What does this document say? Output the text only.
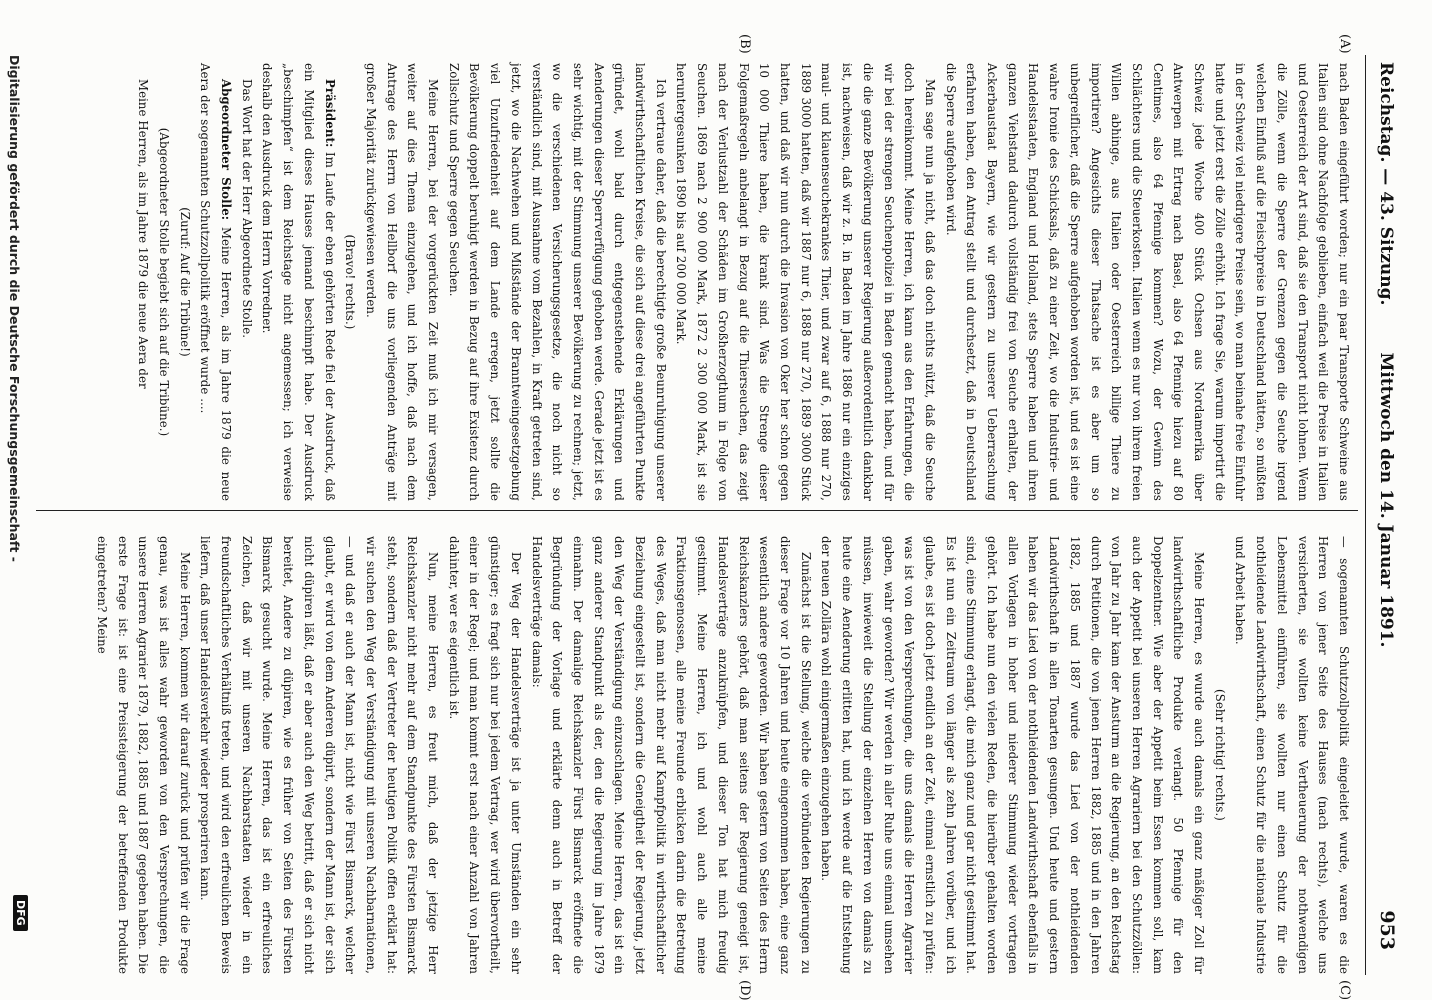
Reichstag. — 43. Sitzung.
Mittwoch den 14. Januar 1891.
953
(A)
(B)
(C)
(D)

nach Baden eingeführt worden; nur ein paar Transporte Schweine aus Italien sind ohne Nachfolge geblieben, einfach weil die Preise in Italien und Oesterreich der Art sind, daß sie den Transport nicht lohnen. Wenn die Zölle, wenn die Sperre der Grenzen gegen die Seuche irgend welchen Einfluß auf die Fleischpreise in Deutschland hätten, so müßten in der Schweiz viel niedrigere Preise sein, wo man beinahe freie Einfuhr hatte und jetzt erst die Zölle erhöht. Ich frage Sie, warum importirt die Schweiz jede Woche 400 Stück Ochsen aus Nordamerika über Antwerpen mit Ertrag nach Basel, also 64 Pfennige hiezu auf 80 Centimes, also 64 Pfennige kommen? Wozu, der Gewinn des Schlächters und die Steuerkosten. Italien wenn es nur von ihrem freien Willen abhinge, aus Italien oder Oesterreich billige Thiere zu importiren? Angesichts dieser Thatsache ist es aber um so unbegreiflicher, daß die Sperre aufgehoben worden ist, und es ist eine wahre Ironie des Schicksals, daß zu einer Zeit, wo die Industrie- und Handelsstaaten, England und Holland, stets Sperre haben und ihren ganzen Viehstand dadurch vollständig frei von Seuche erhalten, der Ackerbaustaat Bayern, wie wir gestern zu unserer Ueberraschung erfahren haben, den Antrag stellt und durchsetzt, daß in Deutschland die Sperre aufgehoben wird.

Man sage nun ja nicht, daß das doch nichts nützt, daß die Seuche doch hereinkommt. Meine Herren, ich kann aus den Erfahrungen, die wir bei der strengen Seuchenpolizei in Baden gemacht haben, und für die die ganze Bevölkerung unserer Regierung außerordentlich dankbar ist, nachweisen, daß wir z. B. in Baden im Jahre 1886 nur ein einziges maul- und klauenseuchekrankes Thier, und zwar auf 6, 1888 nur 270, 1889 3000 hatten, daß wir 1887 nur 6, 1888 nur 270, 1889 3000 Stück hatten, und daß wir nun durch die Invasion von Oker her schon gegen 10 000 Thiere haben, die krank sind. Was die Strenge dieser Folgemaßregeln anbelangt in Bezug auf die Thierseuchen, das zeigt nach der Verlustzahl der Schäden im Großherzogthum in Folge von Seuchen. 1869 nach 2 900 000 Mark, 1872 2 300 000 Mark, ist sie heruntergesunken 1890 bis auf 200 000 Mark.

Ich vertraue daher, daß die berechtigte große Beunruhigung unserer landwirthschaftlichen Kreise, die sich auf diese drei angeführten Punkte gründet, wohl bald durch entgegenstehende Erklärungen und Aenderungen dieser Sperrverfügung gehoben werde. Gerade jetzt ist es sehr wichtig, mit der Stimmung unserer Bevölkerung zu rechnen; jetzt, wo die verschiedenen Versicherungsgesetze, die noch nicht so verständlich sind, mit Ausnahme vom Bezahlen, in Kraft getreten sind, jetzt, wo die Nachwehen und Mißstände der Branntweingesetzgebung viel Unzufriedenheit auf dem Lande erregen, jetzt sollte die Bevölkerung doppelt beruhigt werden in Bezug auf ihre Existenz durch Zollschutz und Sperre gegen Seuchen.

Meine Herren, bei der vorgerückten Zeit muß ich mir versagen, weiter auf dies Thema einzugehen, und ich hoffe, daß nach dem Antrage des Herrn von Hellborf die uns vorliegenden Anträge mit großer Majorität zurückgewiesen werden.

(Bravo! rechts.)

Präsident: Im Laufe der eben gehörten Rede fiel der Ausdruck, daß ein Mitglied dieses Hauses jemand beschimpft habe. Der Ausdruck „beschimpfen“ ist dem Reichstage nicht angemessen; ich verweise deshalb den Ausdruck dem Herrn Vorredner.

Das Wort hat der Herr Abgeordnete Stolle.

Abgeordneter Stolle: Meine Herren, als im Jahre 1879 die neue Aera der sogenannten Schutzzollpolitik eröffnet wurde ....

(Zuruf: Auf die Tribüne!)

(Abgeordneter Stolle begiebt sich auf die Tribüne.)

Meine Herren, als im Jahre 1879 die neue Aera der

— sogenannten Schutzzollpolitik eingeleitet wurde, waren es die Herren von jener Seite des Hauses (nach rechts), welche uns versicherten, sie wollten keine Vertheuerung der nothwendigen Lebensmittel einführen, sie wollten nur einen Schutz für die nothleidende Landwirthschaft, einen Schutz für die nationale Industrie und Arbeit haben.

(Sehr richtig! rechts.)

Meine Herren, es wurde auch damals ein ganz mäßiger Zoll für landwirthschaftliche Produkte verlangt. 50 Pfennige für den Doppelzentner. Wie aber der Appetit beim Essen kommen soll, kam auch der Appetit bei unseren Herren Agrariern bei den Schutzzöllen: von Jahr zu Jahr kam der Ansturm an die Regierung, an den Reichstag durch Petitionen, die von jenen Herren 1882, 1885 und in den Jahren 1882, 1885 und 1887 wurde das Lied von der nothleidenden Landwirthschaft in allen Tonarten gesungen. Und heute und gestern haben wir das Lied von der nothleidenden Landwirthschaft ebenfalls in allen Vorlagen in hoher und niederer Stimmung wieder vortragen gehört. Ich habe nun den vielen Reden, die hierüber gehalten worden sind, eine Stimmung erlangt, die mich ganz und gar nicht gestimmt hat. Es ist nun ein Zeitraum von länger als zehn Jahren vorüber, und ich glaube, es ist doch jetzt endlich an der Zeit, einmal ernstlich zu prüfen: was ist von den Versprechungen, die uns damals die Herren Agrarier gaben, wahr geworden? Wir werden in aller Ruhe uns einmal umsehen müssen, inwieweit die Stellung der einzelnen Herren von damals zu heute eine Aenderung erlitten hat, und ich werde auf die Entstehung der neuen Zollära wohl einigermaßen einzugehen haben.

Zunächst ist die Stellung, welche die verbündeten Regierungen zu dieser Frage vor 10 Jahren und heute eingenommen haben, eine ganz wesentlich andere geworden. Wir haben gestern von Seiten des Herrn Reichskanzlers gehört, daß man seitens der Regierung geneigt ist, Handelsverträge anzuknüpfen, und dieser Ton hat mich freudig gestimmt. Meine Herren, ich und wohl auch alle meine Fraktionsgenossen, alle meine Freunde erblicken darin die Betretung des Weges, daß man nicht mehr auf Kampfpolitik in wirthschaftlicher Beziehung eingestellt ist, sondern die Geneigtheit der Regierung, jetzt den Weg der Verständigung einzuschlagen. Meine Herren, das ist ein ganz anderer Standpunkt als der, den die Regierung im Jahre 1879 einnahm. Der damalige Reichskanzler Fürst Bismarck eröffnete die Begründung der Vorlage und erklärte denn auch in Betreff der Handelsverträge damals:

Der Weg der Handelsverträge ist ja unter Umständen ein sehr günstiger; es fragt sich nur bei jedem Vertrag, wer wird übervortheilt, einer in der Regel; und man kommt erst nach einer Anzahl von Jahren dahinter, wer es eigentlich ist.

Nun, meine Herren, es freut mich, daß der jetzige Herr Reichskanzler nicht mehr auf dem Standpunkte des Fürsten Bismarck steht, sondern daß der Vertreter der heutigen Politik offen erklärt hat: wir suchen den Weg der Verständigung mit unseren Nachbarnationen, — und daß er auch der Mann ist, nicht wie Fürst Bismarck, welcher glaubt, er wird von dem Anderen düpirt, sondern der Mann ist, der sich nicht düpiren läßt, daß er aber auch den Weg betritt, daß er sich nicht bereitet, Andere zu düpiren, wie es früher von Seiten des Fürsten Bismarck gesucht wurde. Meine Herren, das ist ein erfreuliches Zeichen, daß wir mit unseren Nachbarstaaten wieder in ein freundschaftliches Verhältniß treten, und wird den erfreulichen Beweis liefern, daß unser Handelsverkehr wieder prosperiren kann.

Meine Herren, kommen wir darauf zurück und prüfen wir die Frage genau, was ist alles wahr geworden von den Versprechungen, die unsere Herren Agrarier 1879, 1882, 1885 und 1887 gegeben haben. Die erste Frage ist: ist eine Preissteigerung der betreffenden Produkte eingetreten? Meine

Digitalisierung gefördert durch die Deutsche Forschungsgemeinschaft -
DFG
